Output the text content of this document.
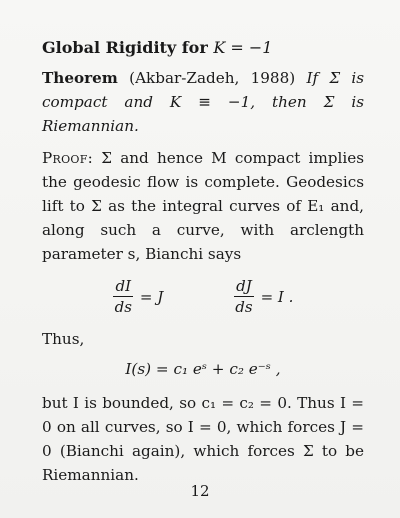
Global Rigidity for K = −1

Theorem (Akbar-Zadeh, 1988) If Σ is compact and K ≡ −1, then Σ is Riemannian.

Proof: Σ and hence M compact implies the geodesic flow is complete. Geodesics lift to Σ as the integral curves of E₁ and, along such a curve, with arclength parameter s, Bianchi says

$\frac{dI}{ds} = J$	$\frac{dJ}{ds} = I$ .

Thus,

I(s) = c₁ eˢ + c₂ e⁻ˢ ,

but I is bounded, so c₁ = c₂ = 0. Thus I = 0 on all curves, so I = 0, which forces J = 0 (Bianchi again), which forces Σ to be Riemannian.

12
